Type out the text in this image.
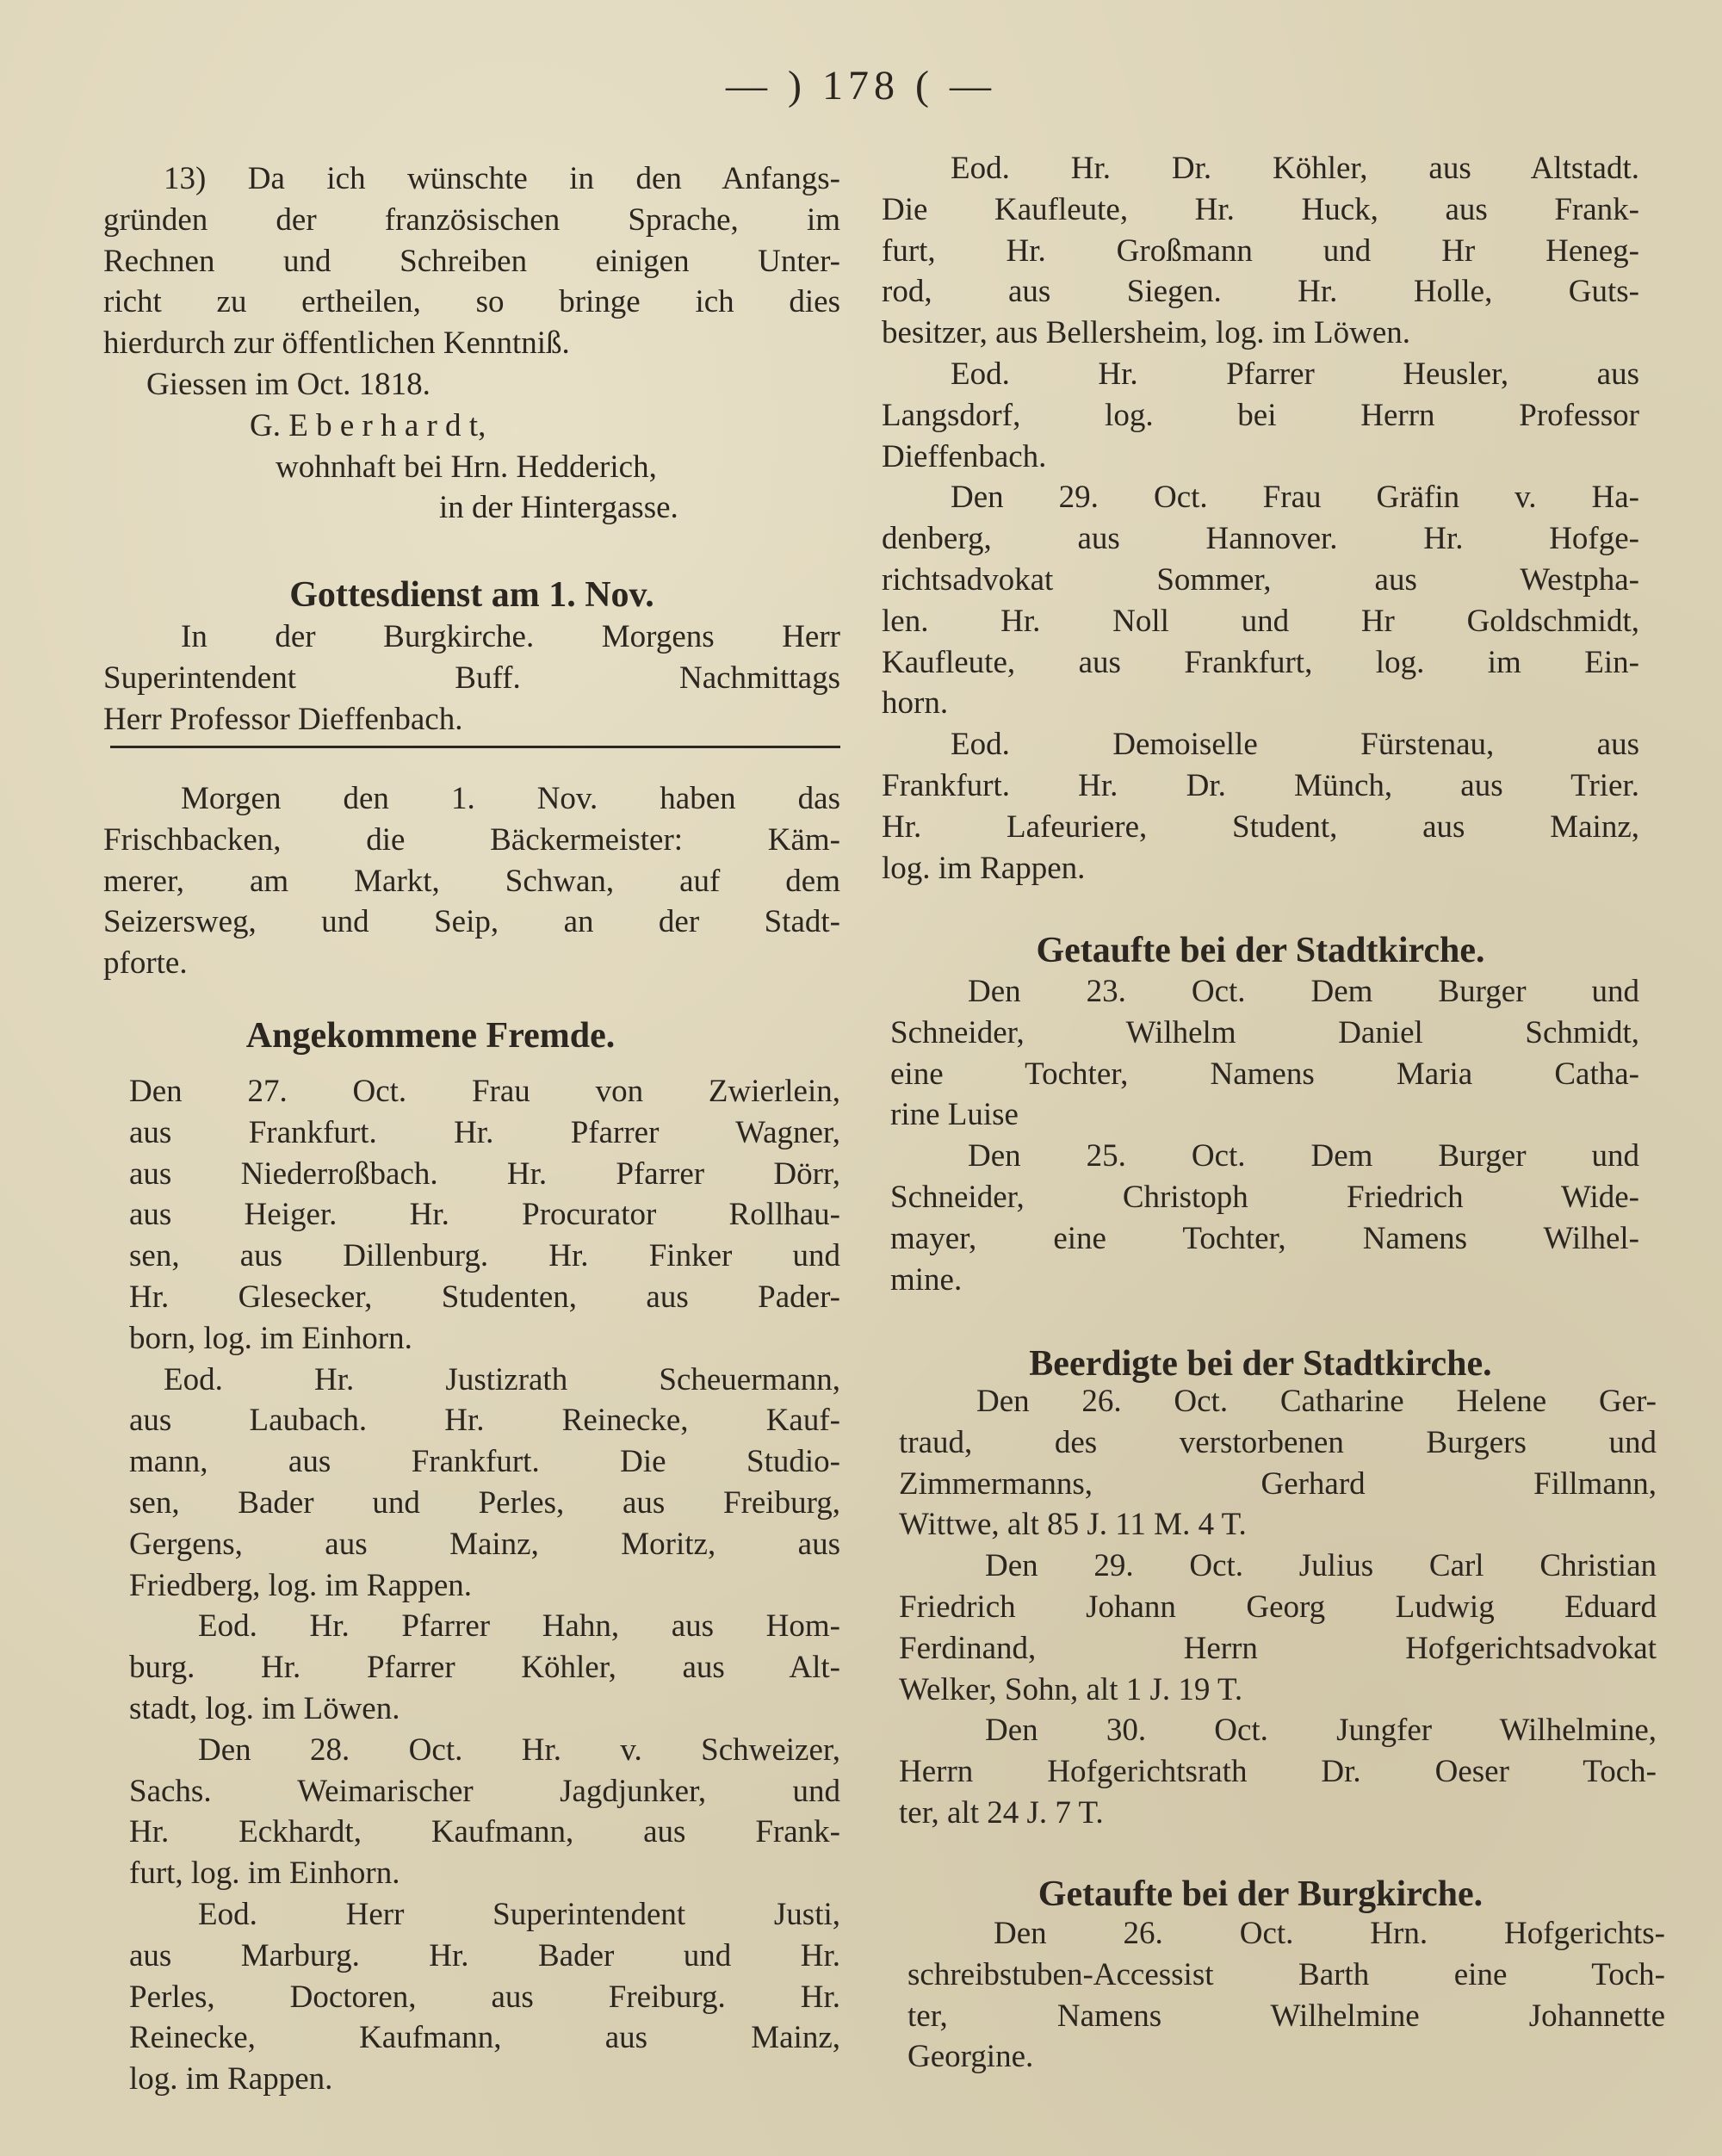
— ) 178 ( —
Gottesdienst am 1. Nov.
Angekommene Fremde.
Getaufte bei der Stadtkirche.
Beerdigte bei der Stadtkirche.
Getaufte bei der Burgkirche.
13) Da ich wünschte in den Anfangs-
gründen der französischen Sprache, im
Rechnen und Schreiben einigen Unter-
richt zu ertheilen, so bringe ich dies
hierdurch zur öffentlichen Kenntniß.
Giessen im Oct. 1818.
G. E b e r h a r d t,
wohnhaft bei Hrn. Hedderich,
in der Hintergasse.
In der Burgkirche. Morgens Herr
Superintendent Buff. Nachmittags
Herr Professor Dieffenbach.
Morgen den 1. Nov. haben das
Frischbacken, die Bäckermeister: Käm-
merer, am Markt, Schwan, auf dem
Seizersweg, und Seip, an der Stadt-
pforte.
Den 27. Oct. Frau von Zwierlein,
aus Frankfurt. Hr. Pfarrer Wagner,
aus Niederroßbach. Hr. Pfarrer Dörr,
aus Heiger. Hr. Procurator Rollhau-
sen, aus Dillenburg. Hr. Finker und
Hr. Glesecker, Studenten, aus Pader-
born, log. im Einhorn.
Eod. Hr. Justizrath Scheuermann,
aus Laubach. Hr. Reinecke, Kauf-
mann, aus Frankfurt. Die Studio-
sen, Bader und Perles, aus Freiburg,
Gergens, aus Mainz, Moritz, aus
Friedberg, log. im Rappen.
Eod. Hr. Pfarrer Hahn, aus Hom-
burg. Hr. Pfarrer Köhler, aus Alt-
stadt, log. im Löwen.
Den 28. Oct. Hr. v. Schweizer,
Sachs. Weimarischer Jagdjunker, und
Hr. Eckhardt, Kaufmann, aus Frank-
furt, log. im Einhorn.
Eod. Herr Superintendent Justi,
aus Marburg. Hr. Bader und Hr.
Perles, Doctoren, aus Freiburg. Hr.
Reinecke, Kaufmann, aus Mainz,
log. im Rappen.
Eod. Hr. Dr. Köhler, aus Altstadt.
Die Kaufleute, Hr. Huck, aus Frank-
furt, Hr. Großmann und Hr Heneg-
rod, aus Siegen. Hr. Holle, Guts-
besitzer, aus Bellersheim, log. im Löwen.
Eod. Hr. Pfarrer Heusler, aus
Langsdorf, log. bei Herrn Professor
Dieffenbach.
Den 29. Oct. Frau Gräfin v. Ha-
denberg, aus Hannover. Hr. Hofge-
richtsadvokat Sommer, aus Westpha-
len. Hr. Noll und Hr Goldschmidt,
Kaufleute, aus Frankfurt, log. im Ein-
horn.
Eod. Demoiselle Fürstenau, aus
Frankfurt. Hr. Dr. Münch, aus Trier.
Hr. Lafeuriere, Student, aus Mainz,
log. im Rappen.
Den 23. Oct. Dem Burger und
Schneider, Wilhelm Daniel Schmidt,
eine Tochter, Namens Maria Catha-
rine Luise
Den 25. Oct. Dem Burger und
Schneider, Christoph Friedrich Wide-
mayer, eine Tochter, Namens Wilhel-
mine.
Den 26. Oct. Catharine Helene Ger-
traud, des verstorbenen Burgers und
Zimmermanns, Gerhard Fillmann,
Wittwe, alt 85 J. 11 M. 4 T.
Den 29. Oct. Julius Carl Christian
Friedrich Johann Georg Ludwig Eduard
Ferdinand, Herrn Hofgerichtsadvokat
Welker, Sohn, alt 1 J. 19 T.
Den 30. Oct. Jungfer Wilhelmine,
Herrn Hofgerichtsrath Dr. Oeser Toch-
ter, alt 24 J. 7 T.
Den 26. Oct. Hrn. Hofgerichts-
schreibstuben-Accessist Barth eine Toch-
ter, Namens Wilhelmine Johannette
Georgine.
